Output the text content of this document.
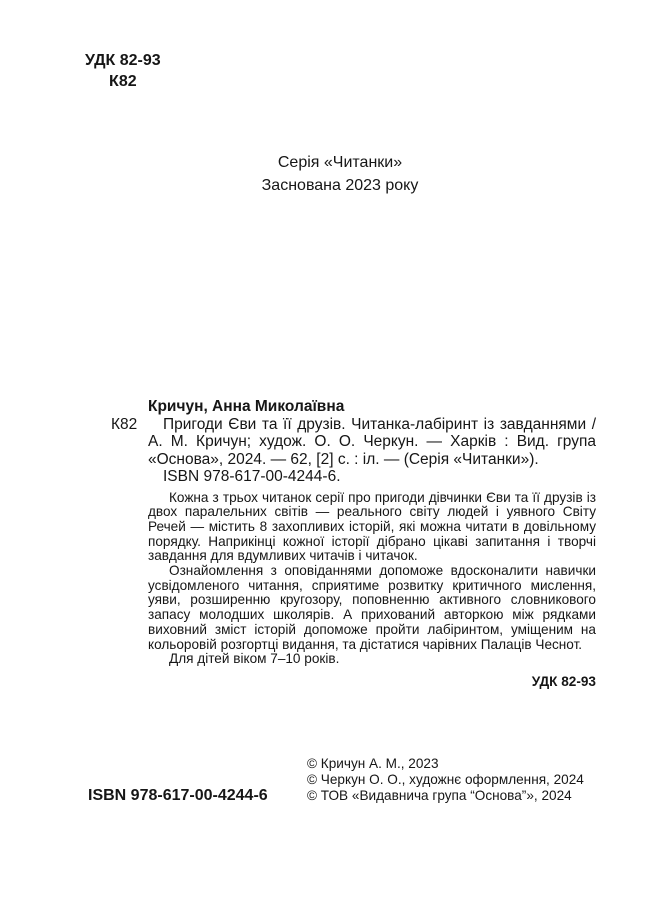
УДК 82-93
К82
Серія «Читанки»
Заснована 2023 року
Кричун, Анна Миколаївна
К82 Пригоди Єви та її друзів. Читанка-лабіринт із завданнями / А. М. Кричун; худож. О. О. Черкун. — Харків : Вид. група «Основа», 2024. — 62, [2] с. : іл. — (Серія «Читанки»).
ISBN 978-617-00-4244-6.

Кожна з трьох читанок серії про пригоди дівчинки Єви та її друзів із двох паралельних світів — реального світу людей і уявного Світу Речей — містить 8 захопливих історій, які можна читати в довільному порядку. Наприкінці кожної історії дібрано цікаві запитання і творчі завдання для вдумливих читачів і читачок.

Ознайомлення з оповіданнями допоможе вдосконалити навички усвідомленого читання, сприятиме розвитку критичного мислення, уяви, розширенню кругозору, поповненню активного словникового запасу молодших школярів. А прихований авторкою між рядками виховний зміст історій допоможе пройти лабіринтом, уміщеним на кольоровій розгортці видання, та дістатися чарівних Палаців Чеснот.

Для дітей віком 7–10 років.
УДК 82-93
ISBN 978-617-00-4244-6
© Кричун А. М., 2023
© Черкун О. О., художнє оформлення, 2024
© ТОВ «Видавнича група “Основа”», 2024
